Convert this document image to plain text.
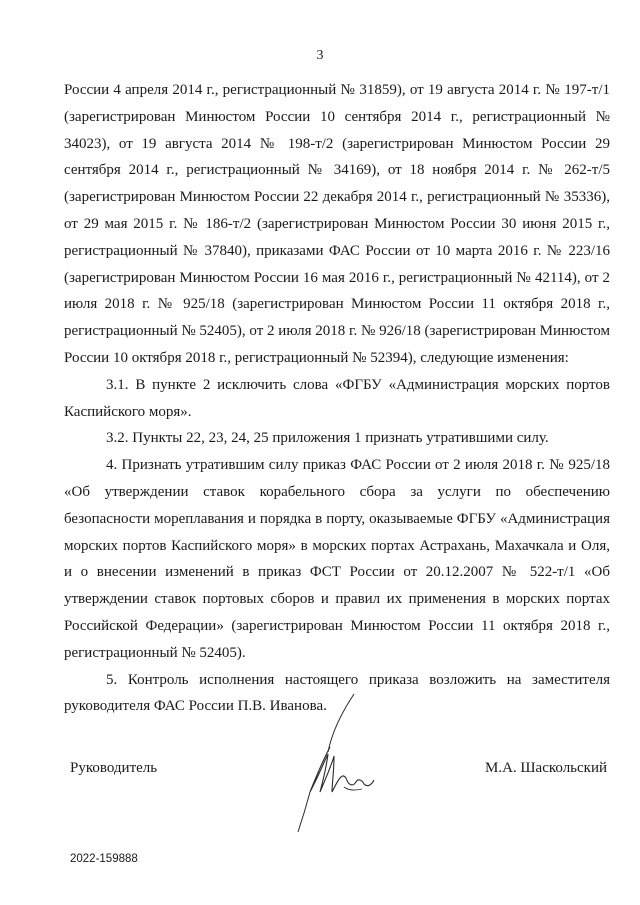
3

России 4 апреля 2014 г., регистрационный № 31859), от 19 августа 2014 г. № 197-т/1 (зарегистрирован Минюстом России 10 сентября 2014 г., регистрационный № 34023), от 19 августа 2014 № 198-т/2 (зарегистрирован Минюстом России 29 сентября 2014 г., регистрационный № 34169), от 18 ноября 2014 г. № 262-т/5 (зарегистрирован Минюстом России 22 декабря 2014 г., регистрационный № 35336), от 29 мая 2015 г. № 186-т/2 (зарегистрирован Минюстом России 30 июня 2015 г., регистрационный № 37840), приказами ФАС России от 10 марта 2016 г. № 223/16 (зарегистрирован Минюстом России 16 мая 2016 г., регистрационный № 42114), от 2 июля 2018 г. № 925/18 (зарегистрирован Минюстом России 11 октября 2018 г., регистрационный № 52405), от 2 июля 2018 г. № 926/18 (зарегистрирован Минюстом России 10 октября 2018 г., регистрационный № 52394), следующие изменения:

3.1. В пункте 2 исключить слова «ФГБУ «Администрация морских портов Каспийского моря».

3.2. Пункты 22, 23, 24, 25 приложения 1 признать утратившими силу.

4. Признать утратившим силу приказ ФАС России от 2 июля 2018 г. № 925/18 «Об утверждении ставок корабельного сбора за услуги по обеспечению безопасности мореплавания и порядка в порту, оказываемые ФГБУ «Администрация морских портов Каспийского моря» в морских портах Астрахань, Махачкала и Оля, и о внесении изменений в приказ ФСТ России от 20.12.2007 № 522-т/1 «Об утверждении ставок портовых сборов и правил их применения в морских портах Российской Федерации» (зарегистрирован Минюстом России 11 октября 2018 г., регистрационный № 52405).

5. Контроль исполнения настоящего приказа возложить на заместителя руководителя ФАС России П.В. Иванова.

Руководитель	М.А. Шаскольский
2022-159888
